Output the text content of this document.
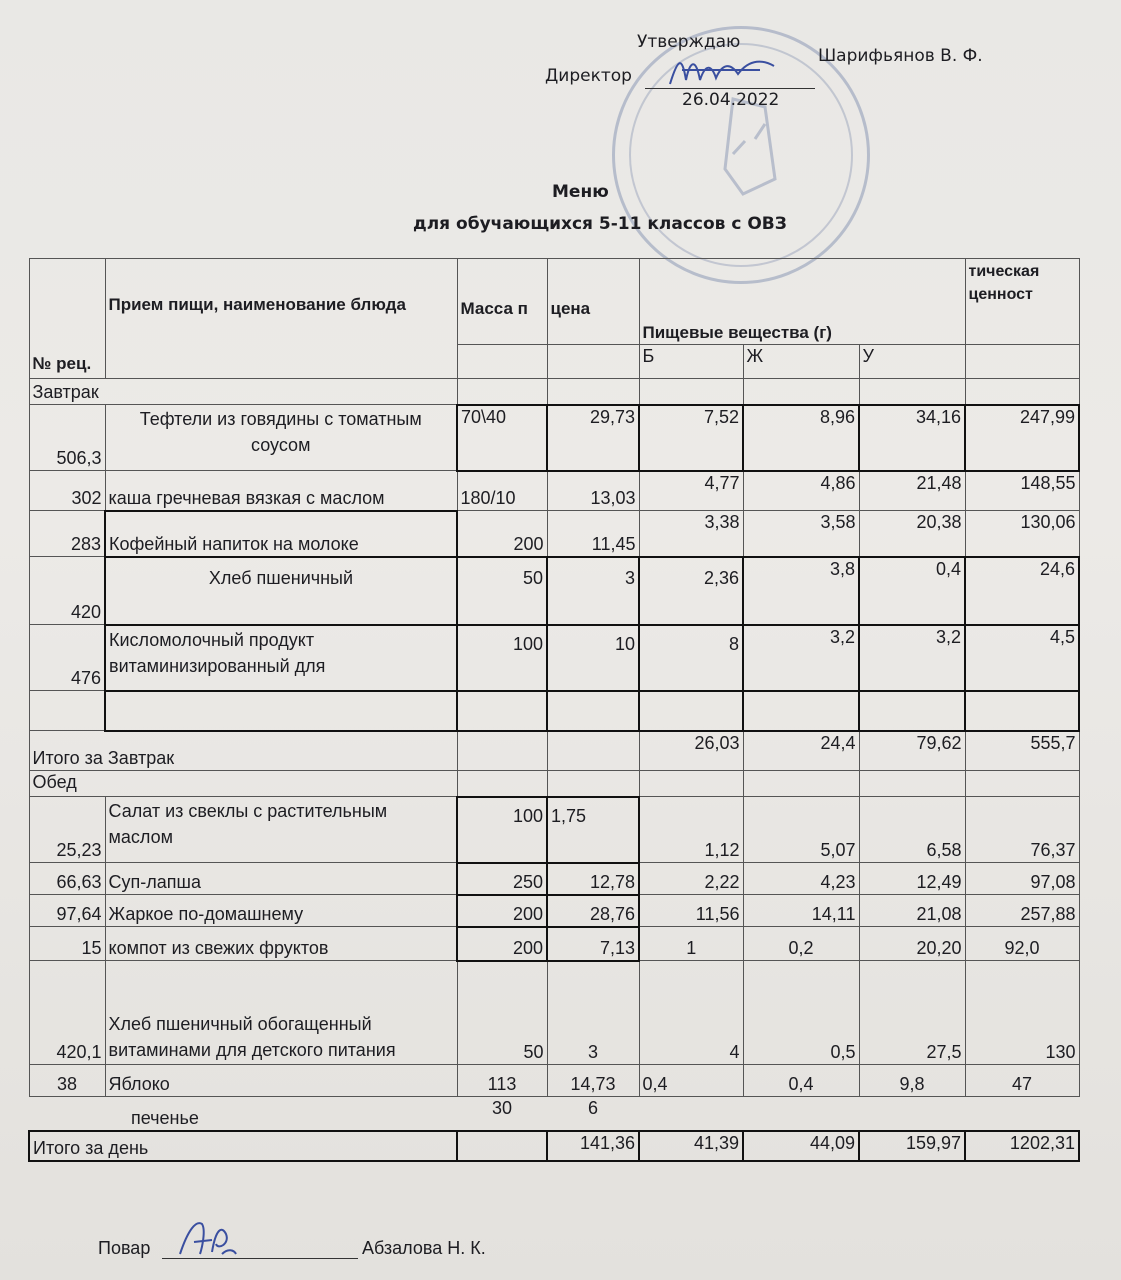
Утверждаю
Директор
Шарифьянов В. Ф.
26.04.2022
Меню
для обучающихся 5-11 классов с ОВЗ
№ рец.	Прием пищи, наименование блюда	Масса п	цена	Пищевые вещества (г)			тическая ценност
				Б	Ж	У	
Завтрак							
506,3	Тефтели из говядины с томатным соусом	70\40	29,73	7,52	8,96	34,16	247,99
302	каша гречневая вязкая с маслом	180/10	13,03	4,77	4,86	21,48	148,55
283	Кофейный напиток на молоке	200	11,45	3,38	3,58	20,38	130,06
420	Хлеб пшеничный	50	3	2,36	3,8	0,4	24,6
476	Кисломолочный продукт витаминизированный для	100	10	8	3,2	3,2	4,5

Итого за Завтрак				26,03	24,4	79,62	555,7
Обед							
25,23	Салат из свеклы с растительным маслом	100	1,75	1,12	5,07	6,58	76,37
66,63	Суп-лапша	250	12,78	2,22	4,23	12,49	97,08
97,64	Жаркое по-домашнему	200	28,76	11,56	14,11	21,08	257,88
15	компот из свежих фруктов	200	7,13	1	0,2	20,20	92,0
420,1	Хлеб пшеничный обогащенный витаминами для детского питания	50	3	4	0,5	27,5	130
38	Яблоко	113	14,73	0,4	0,4	9,8	47
	печенье	30	6				
Итого за день			141,36	41,39	44,09	159,97	1202,31
Повар	Абзалова Н. К.
